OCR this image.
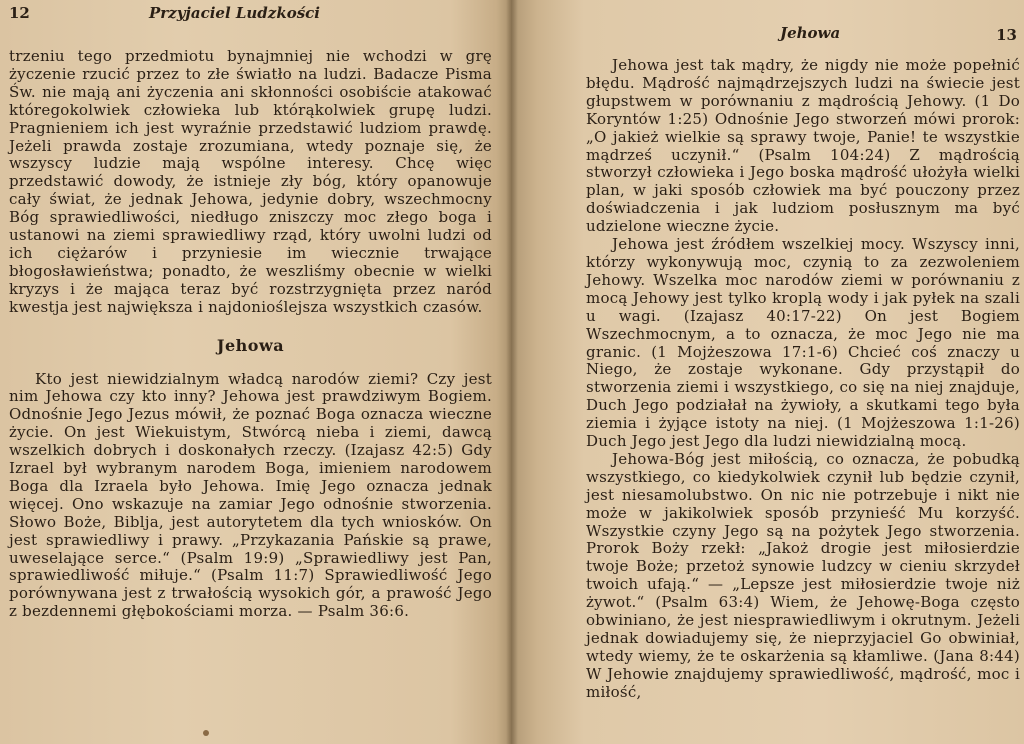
12	Przyjaciel Ludzkości

trzeniu tego przedmiotu bynajmniej nie wchodzi w grę życzenie rzucić przez to złe światło na ludzi. Badacze Pisma Św. nie mają ani życzenia ani skłonności osobiście atakować któregokolwiek człowieka lub którąkolwiek grupę ludzi. Pragnieniem ich jest wyraźnie przedstawić ludziom prawdę. Jeżeli prawda zostaje zrozumiana, wtedy poznaje się, że wszyscy ludzie mają wspólne interesy. Chcę więc przedstawić dowody, że istnieje zły bóg, który opanowuje cały świat, że jednak Jehowa, jedynie dobry, wszechmocny Bóg sprawiedliwości, niedługo zniszczy moc złego boga i ustanowi na ziemi sprawiedliwy rząd, który uwolni ludzi od ich ciężarów i przyniesie im wiecznie trwające błogosławieństwa; ponadto, że weszliśmy obecnie w wielki kryzys i że mająca teraz być rozstrzygnięta przez naród kwestja jest największa i najdonioślejsza wszystkich czasów.

Jehowa

Kto jest niewidzialnym władcą narodów ziemi? Czy jest nim Jehowa czy kto inny? Jehowa jest prawdziwym Bogiem. Odnośnie Jego Jezus mówił, że poznać Boga oznacza wieczne życie. On jest Wiekuistym, Stwórcą nieba i ziemi, dawcą wszelkich dobrych i doskonałych rzeczy. (Izajasz 42:5) Gdy Izrael był wybranym narodem Boga, imieniem narodowem Boga dla Izraela było Jehowa. Imię Jego oznacza jednak więcej. Ono wskazuje na zamiar Jego odnośnie stworzenia. Słowo Boże, Biblja, jest autorytetem dla tych wniosków. On jest sprawiedliwy i prawy. „Przykazania Pańskie są prawe, uweselające serce.“ (Psalm 19:9) „Sprawiedliwy jest Pan, sprawiedliwość miłuje.“ (Psalm 11:7) Sprawiedliwość Jego porównywana jest z trwałością wysokich gór, a prawość Jego z bezdennemi głębokościami morza. — Psalm 36:6.

Jehowa	13

Jehowa jest tak mądry, że nigdy nie może popełnić błędu. Mądrość najmądrzejszych ludzi na świecie jest głupstwem w porównaniu z mądrością Jehowy. (1 Do Koryntów 1:25) Odnośnie Jego stworzeń mówi prorok: „O jakież wielkie są sprawy twoje, Panie! te wszystkie mądrześ uczynił.“ (Psalm 104:24) Z mądrością stworzył człowieka i Jego boska mądrość ułożyła wielki plan, w jaki sposób człowiek ma być pouczony przez doświadczenia i jak ludziom posłusznym ma być udzielone wieczne życie.

Jehowa jest źródłem wszelkiej mocy. Wszyscy inni, którzy wykonywują moc, czynią to za zezwoleniem Jehowy. Wszelka moc narodów ziemi w porównaniu z mocą Jehowy jest tylko kroplą wody i jak pyłek na szali u wagi. (Izajasz 40:17-22) On jest Bogiem Wszechmocnym, a to oznacza, że moc Jego nie ma granic. (1 Mojżeszowa 17:1-6) Chcieć coś znaczy u Niego, że zostaje wykonane. Gdy przystąpił do stworzenia ziemi i wszystkiego, co się na niej znajduje, Duch Jego podziałał na żywioły, a skutkami tego była ziemia i żyjące istoty na niej. (1 Mojżeszowa 1:1-26) Duch Jego jest Jego dla ludzi niewidzialną mocą.

Jehowa-Bóg jest miłością, co oznacza, że pobudką wszystkiego, co kiedykolwiek czynił lub będzie czynił, jest niesamolubstwo. On nic nie potrzebuje i nikt nie może w jakikolwiek sposób przynieść Mu korzyść. Wszystkie czyny Jego są na pożytek Jego stworzenia. Prorok Boży rzekł: „Jakoż drogie jest miłosierdzie twoje Boże; przetoż synowie ludzcy w cieniu skrzydeł twoich ufają.“ — „Lepsze jest miłosierdzie twoje niż żywot.“ (Psalm 63:4) Wiem, że Jehowę-Boga często obwiniano, że jest niesprawiedliwym i okrutnym. Jeżeli jednak dowiadujemy się, że nieprzyjaciel Go obwiniał, wtedy wiemy, że te oskarżenia są kłamliwe. (Jana 8:44) W Jehowie znajdujemy sprawiedliwość, mądrość, moc i miłość,
